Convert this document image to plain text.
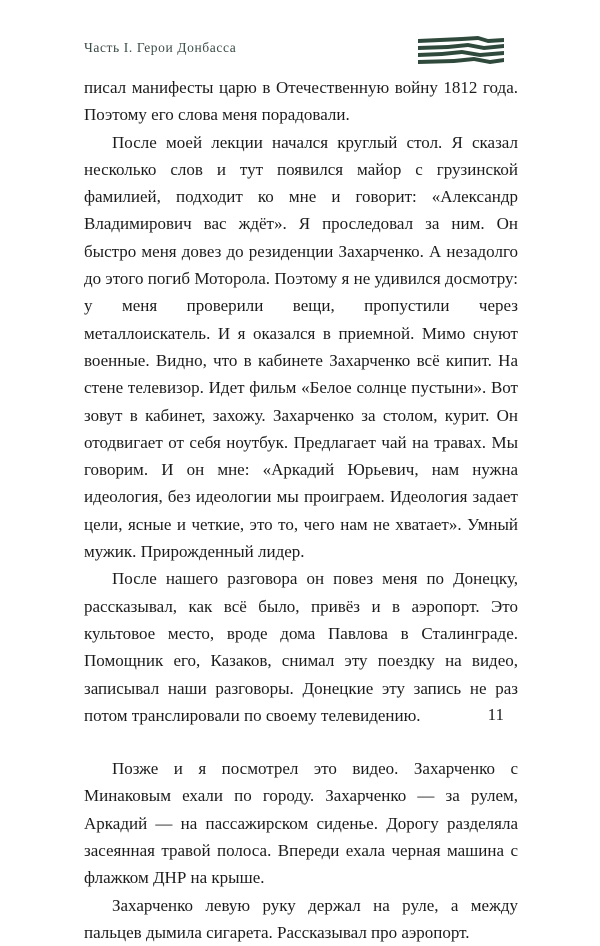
Часть I. Герои Донбасса

писал манифесты царю в Отечественную войну 1812 года. Поэтому его слова меня порадовали.

После моей лекции начался круглый стол. Я сказал несколько слов и тут появился майор с грузинской фамилией, подходит ко мне и говорит: «Александр Владимирович вас ждёт». Я проследовал за ним. Он быстро меня довез до резиденции Захарченко. А незадолго до этого погиб Моторола. Поэтому я не удивился досмотру: у меня проверили вещи, пропустили через металлоискатель. И я оказался в приемной. Мимо снуют военные. Видно, что в кабинете Захарченко всё кипит. На стене телевизор. Идет фильм «Белое солнце пустыни». Вот зовут в кабинет, захожу. Захарченко за столом, курит. Он отодвигает от себя ноутбук. Предлагает чай на травах. Мы говорим. И он мне: «Аркадий Юрьевич, нам нужна идеология, без идеологии мы проиграем. Идеология задает цели, ясные и четкие, это то, чего нам не хватает». Умный мужик. Прирожденный лидер.

После нашего разговора он повез меня по Донецку, рассказывал, как всё было, привёз и в аэропорт. Это культовое место, вроде дома Павлова в Сталинграде. Помощник его, Казаков, снимал эту поездку на видео, записывал наши разговоры. Донецкие эту запись не раз потом транслировали по своему телевидению.

Позже и я посмотрел это видео. Захарченко с Минаковым ехали по городу. Захарченко — за рулем, Аркадий — на пассажирском сиденье. Дорогу разделяла засеянная травой полоса. Впереди ехала черная машина с флажком ДНР на крыше.

Захарченко левую руку держал на руле, а между пальцев дымила сигарета. Рассказывал про аэропорт.

11
